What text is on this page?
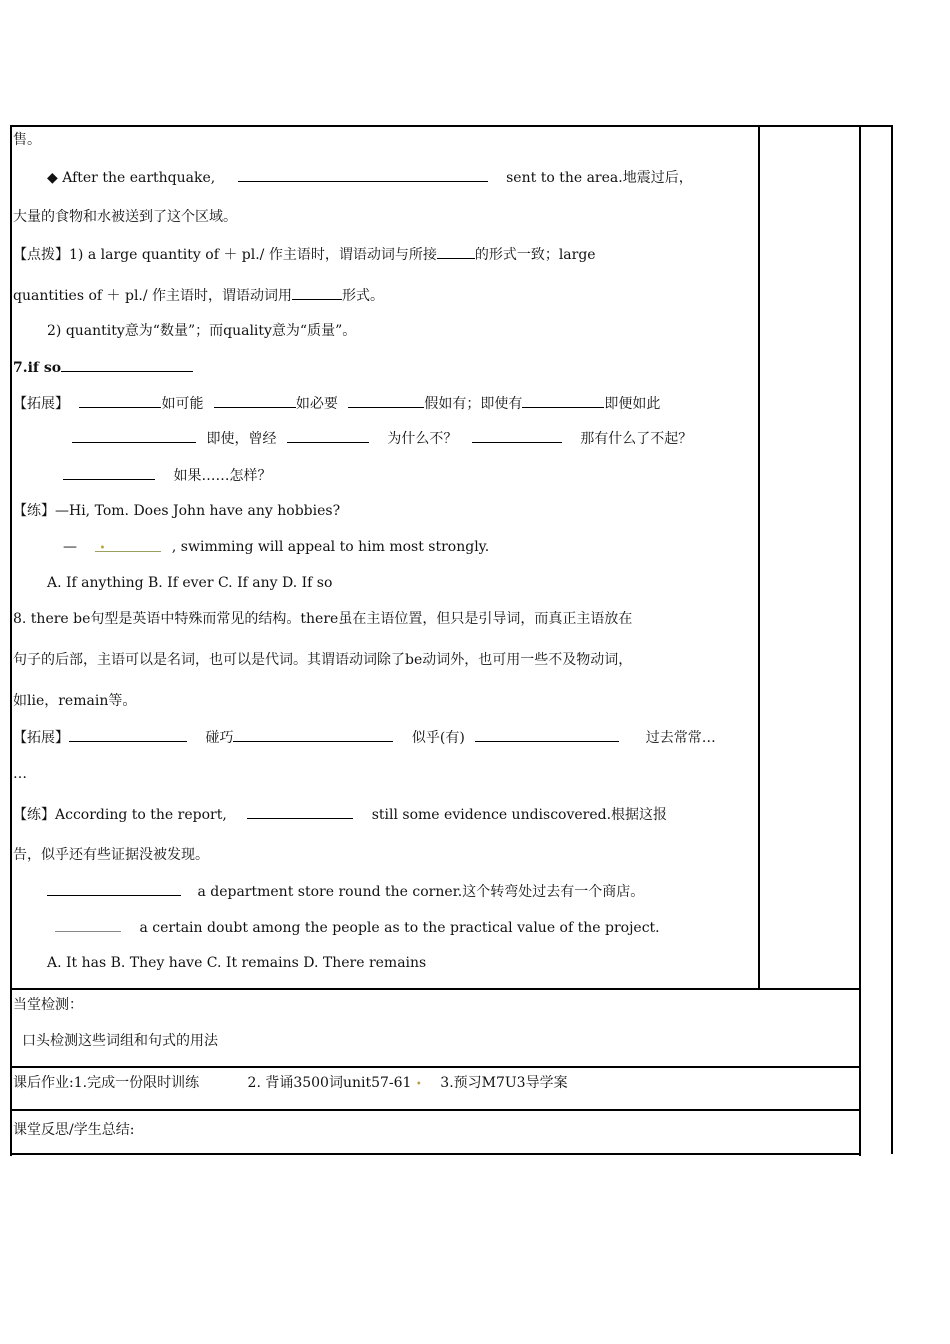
售。
◆ After the earthquake,	sent to the area.地震过后，
大量的食物和水被送到了这个区域。
【点拨】1) a large quantity of ＋ pl./ 作主语时，谓语动词与所接	的形式一致；large
quantities of ＋ pl./ 作主语时，谓语动词用	形式。
2) quantity意为“数量”；而quality意为“质量”。
7.if so
【拓展】	如可能	如必要	假如有；即使有	即便如此
即使，曾经	为什么不？	那有什么了不起？
如果……怎样？
【练】—Hi, Tom. Does John have any hobbies?
— •	, swimming will appeal to him most strongly.
A. If anything B. If ever C. If any D. If so
8. there be句型是英语中特殊而常见的结构。there虽在主语位置，但只是引导词，而真正主语放在
句子的后部，主语可以是名词，也可以是代词。其谓语动词除了be动词外，也可用一些不及物动词，
如lie，remain等。
【拓展】	碰巧	似乎(有)	过去常常…
…
【练】According to the report,	still some evidence undiscovered.根据这报
告，似乎还有些证据没被发现。
a department store round the corner.这个转弯处过去有一个商店。
a certain doubt among the people as to the practical value of the project.
A. It has B. They have C. It remains D. There remains
当堂检测：
口头检测这些词组和句式的用法
课后作业:1.完成一份限时训练	2. 背诵3500词unit57-61 • 3.预习M7U3导学案
课堂反思/学生总结:
